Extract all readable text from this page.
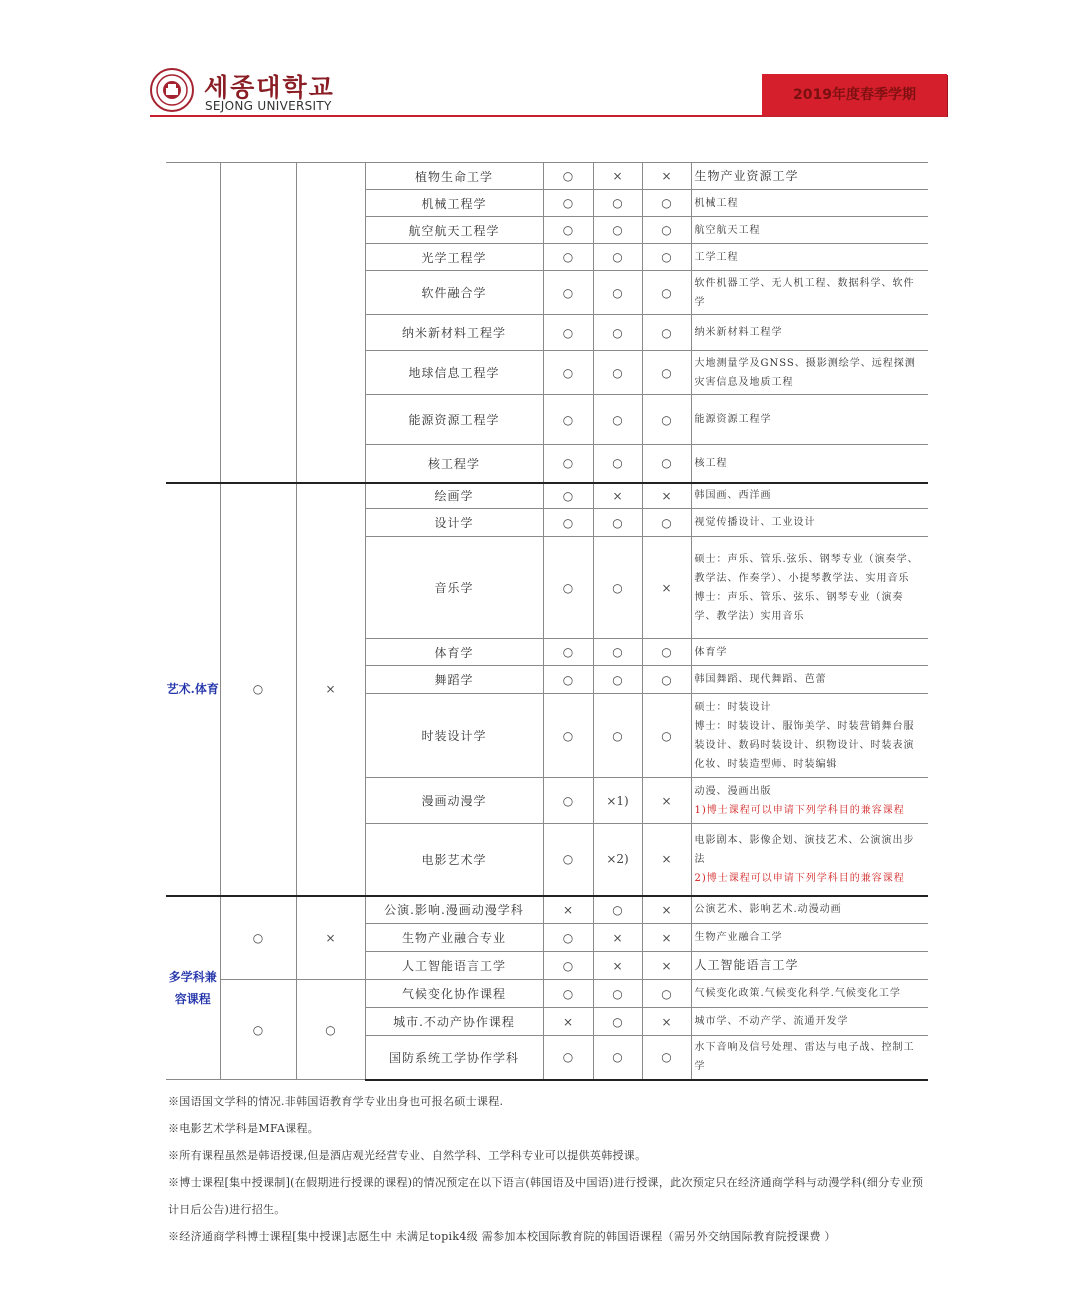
세종대학교
SEJONG UNIVERSITY
2019年度春季学期
			植物生命工学	○	×	×	生物产业资源工学
			机械工程学	○	○	○	机械工程
			航空航天工程学	○	○	○	航空航天工程
			光学工程学	○	○	○	工学工程
			软件融合学	○	○	○	软件机器工学、无人机工程、数据科学、软件学
			纳米新材料工程学	○	○	○	纳米新材料工程学
			地球信息工程学	○	○	○	大地测量学及GNSS、摄影测绘学、远程探测灾害信息及地质工程
			能源资源工程学	○	○	○	能源资源工程学
			核工程学	○	○	○	核工程
艺术.体育	○	×	绘画学	○	×	×	韩国画、西洋画
			设计学	○	○	○	视觉传播设计、工业设计
			音乐学	○	○	×	硕士：声乐、管乐.弦乐、钢琴专业（演奏学、教学法、作奏学）、小提琴教学法、实用音乐
博士：声乐、管乐、弦乐、钢琴专业（演奏学、教学法）实用音乐

			体育学	○	○	○	体育学
			舞蹈学	○	○	○	韩国舞蹈、现代舞蹈、芭蕾
			时装设计学	○	○	○	硕士：时装设计
博士：时装设计、服饰美学、时装营销舞台服装设计、数码时装设计、织物设计、时装表演化妆、时装造型师、时装编辑

			漫画动漫学	○	×1)	×	动漫、漫画出版
1)博士课程可以申请下列学科目的兼容课程

			电影艺术学	○	×2)	×	电影剧本、影像企划、演技艺术、公演演出步法
2)博士课程可以申请下列学科目的兼容课程

多学科兼容课程	○	×	公演.影响.漫画动漫学科	×	○	×	公演艺术、影响艺术.动漫动画
			生物产业融合专业	○	×	×	生物产业融合工学
			人工智能语言工学	○	×	×	人工智能语言工学
	○	○	气候变化协作课程	○	○	○	气候变化政策.气候变化科学.气候变化工学
			城市.不动产协作课程	×	○	×	城市学、不动产学、流通开发学
			国防系统工学协作学科	○	○	○	水下音响及信号处理、雷达与电子战、控制工学

※国语国文学科的情况.非韩国语教育学专业出身也可报名硕士课程.

※电影艺术学科是MFA课程。

※所有课程虽然是韩语授课,但是酒店观光经营专业、自然学科、工学科专业可以提供英韩授课。

※博士课程[集中授课制](在假期进行授课的课程)的情况预定在以下语言(韩国语及中国语)进行授课，此次预定只在经济通商学科与动漫学科(细分专业预计日后公告)进行招生。

※经济通商学科博士课程[集中授课]志愿生中 未满足topik4级 需参加本校国际教育院的韩国语课程（需另外交纳国际教育院授课费 ）
